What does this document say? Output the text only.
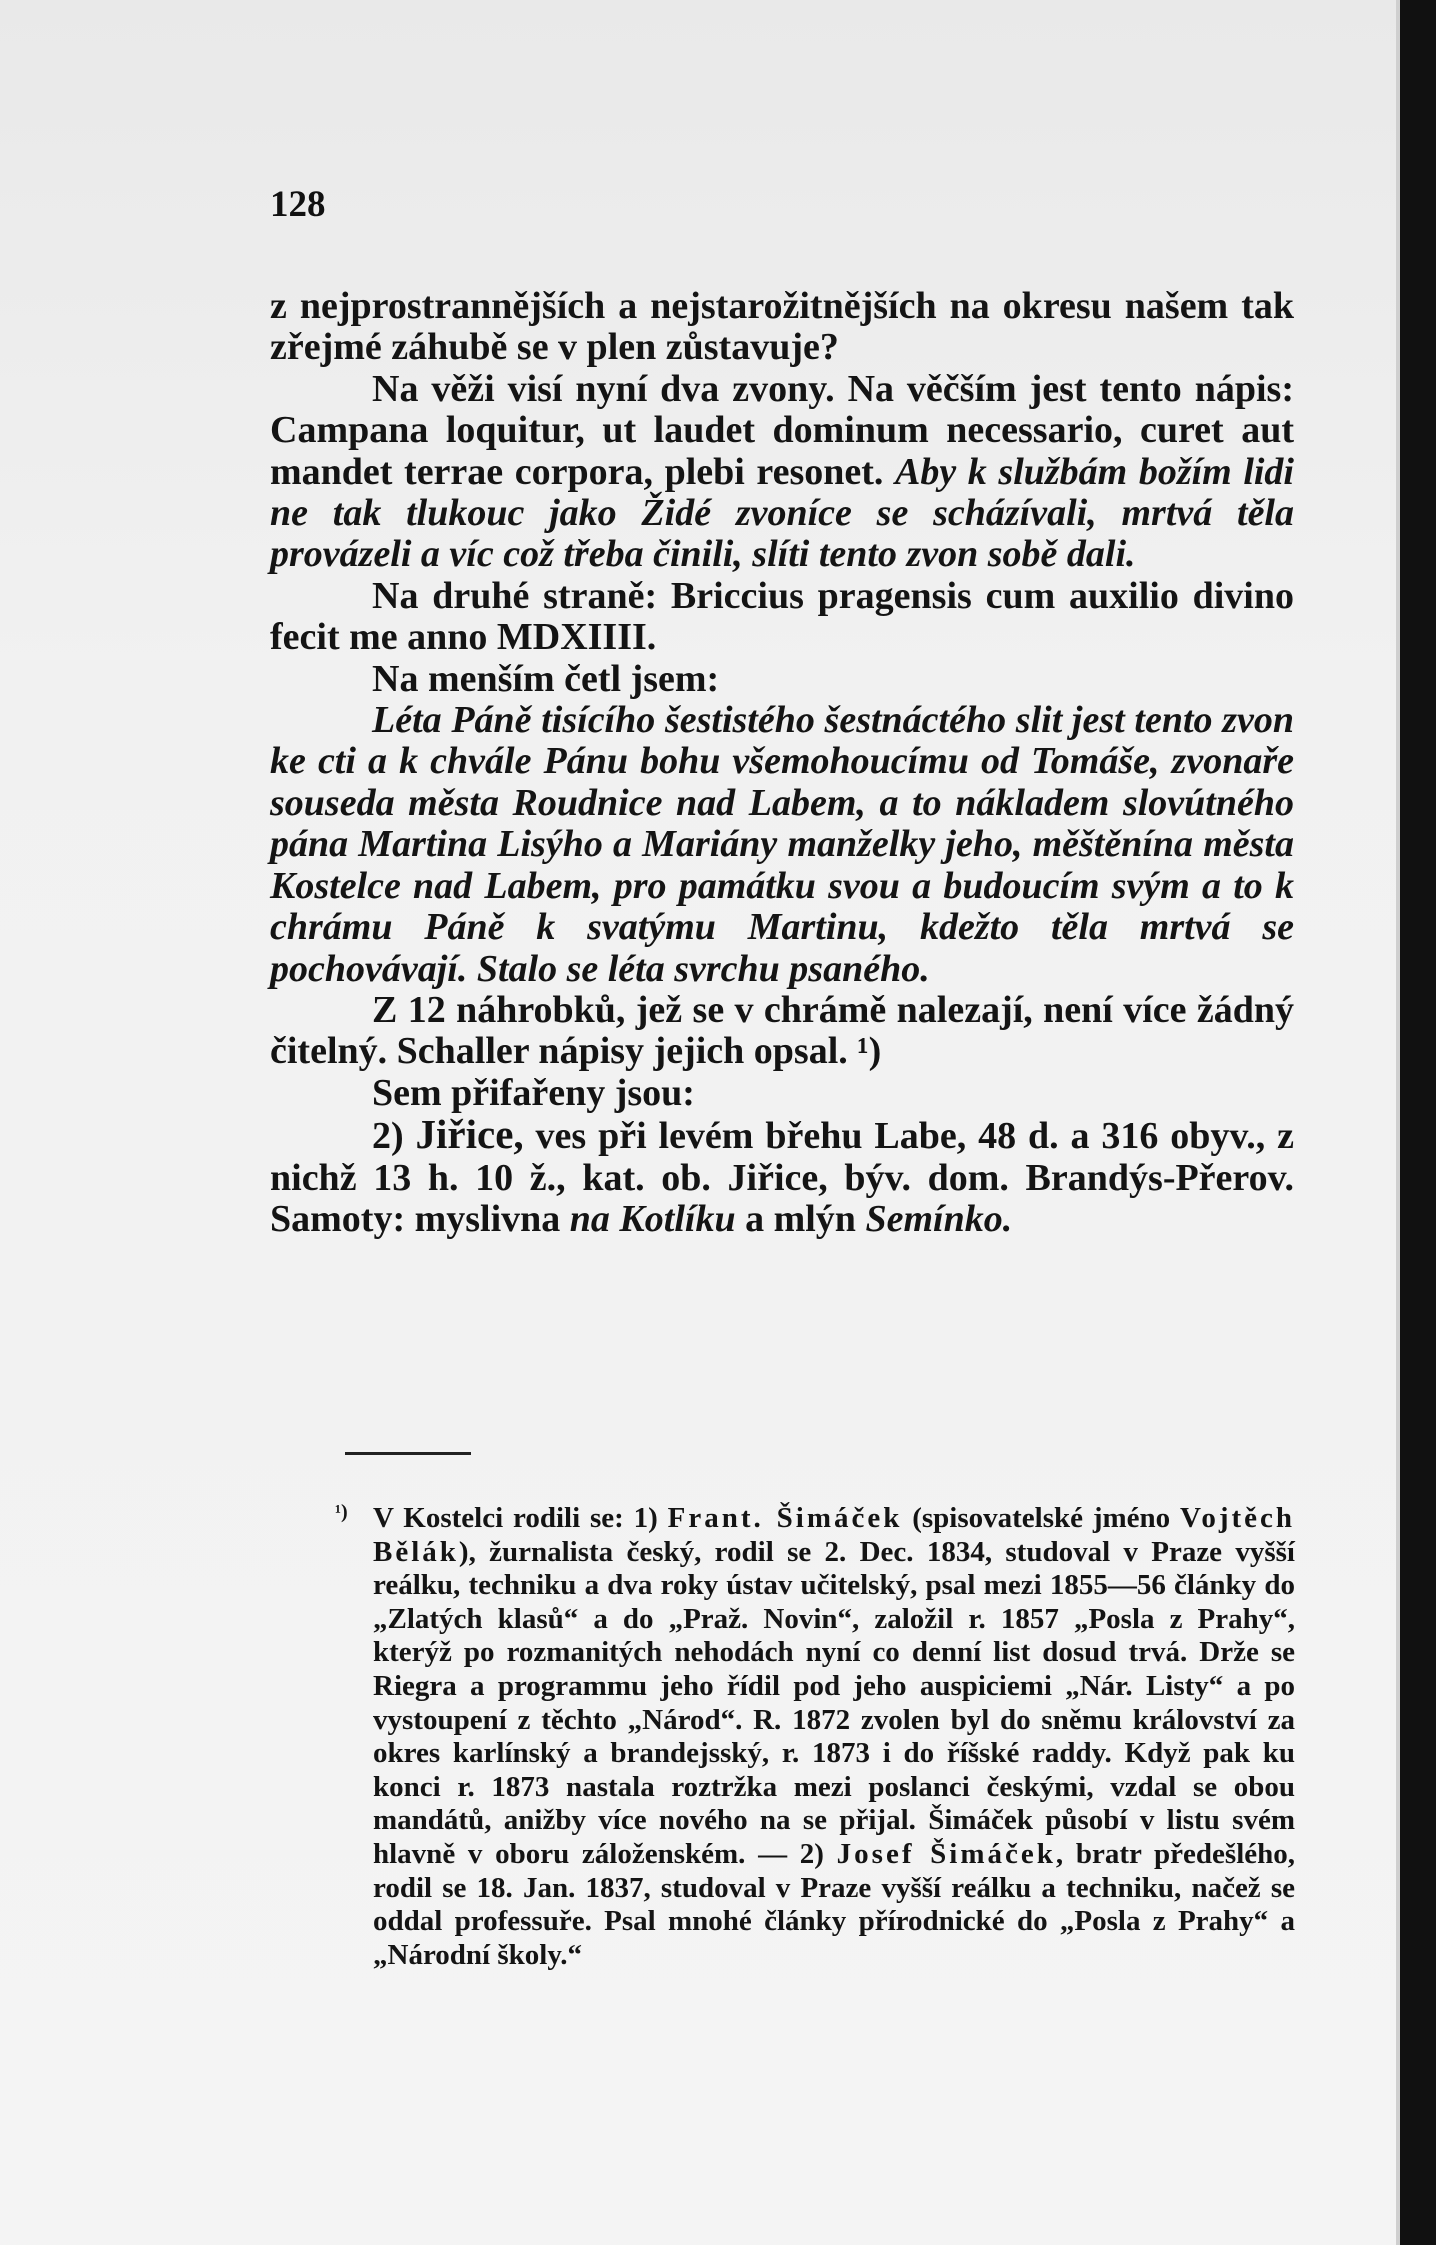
128

z nejprostrannějších a nejstarožitnějších na okresu našem tak zřejmé záhubě se v plen zůstavuje?

Na věži visí nyní dva zvony. Na věčším jest tento nápis: Campana loquitur, ut laudet dominum necessario, curet aut mandet terrae corpora, plebi resonet. Aby k službám božím lidi ne tak tlukouc jako Židé zvoníce se scházívali, mrtvá těla provázeli a víc což třeba činili, slíti tento zvon sobě dali.

Na druhé straně: Briccius pragensis cum auxilio divino fecit me anno MDXIIII.

Na menším četl jsem:

Léta Páně tisícího šestistého šestnáctého slit jest tento zvon ke cti a k chvále Pánu bohu všemohoucímu od Tomáše, zvonaře souseda města Roudnice nad Labem, a to nákladem slovútného pána Martina Lisýho a Mariány manželky jeho, měštěnína města Kostelce nad Labem, pro památku svou a budoucím svým a to k chrámu Páně k svatýmu Martinu, kdežto těla mrtvá se pochovávají. Stalo se léta svrchu psaného.

Z 12 náhrobků, jež se v chrámě nalezají, není více žádný čitelný. Schaller nápisy jejich opsal. ¹)

Sem přifařeny jsou:

2) Jiřice, ves při levém břehu Labe, 48 d. a 316 obyv., z nichž 13 h. 10 ž., kat. ob. Jiřice, býv. dom. Brandýs-Přerov. Samoty: myslivna na Kotlíku a mlýn Semínko.

¹) V Kostelci rodili se: 1) Frant. Šimáček (spisovatelské jméno Vojtěch Bělák), žurnalista český, rodil se 2. Dec. 1834, studoval v Praze vyšší reálku, techniku a dva roky ústav učitelský, psal mezi 1855—56 články do „Zlatých klasů“ a do „Praž. Novin“, založil r. 1857 „Posla z Prahy“, kterýž po rozmanitých nehodách nyní co denní list dosud trvá. Drže se Riegra a programmu jeho řídil pod jeho auspiciemi „Nár. Listy“ a po vystoupení z těchto „Národ“. R. 1872 zvolen byl do sněmu království za okres karlínský a brandejsský, r. 1873 i do říšské raddy. Když pak ku konci r. 1873 nastala roztržka mezi poslanci českými, vzdal se obou mandátů, anižby více nového na se přijal. Šimáček působí v listu svém hlavně v oboru záloženském. — 2) Josef Šimáček, bratr předešlého, rodil se 18. Jan. 1837, studoval v Praze vyšší reálku a techniku, načež se oddal professuře. Psal mnohé články přírodnické do „Posla z Prahy“ a „Národní školy.“
